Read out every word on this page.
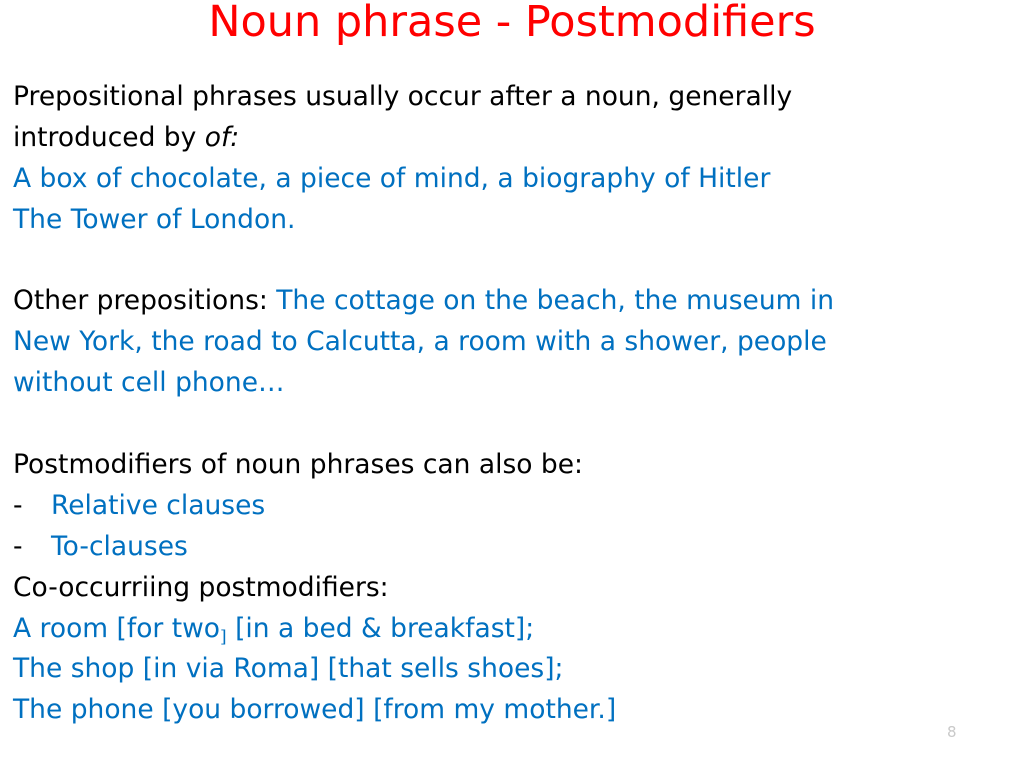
Noun phrase - Postmodifiers
Prepositional phrases usually occur after a noun, generally
introduced by of:
A box of chocolate, a piece of mind, a biography of Hitler
The Tower of London.
Other prepositions: The cottage on the beach, the museum in
New York, the road to Calcutta, a room with a shower, people
without cell phone…
Postmodifiers of noun phrases can also be:
- Relative clauses
- To-clauses
Co-occurriing postmodifiers:
A room [for two$_]$ [in a bed & breakfast];
The shop [in via Roma] [that sells shoes];
The phone [you borrowed] [from my mother.]
8
